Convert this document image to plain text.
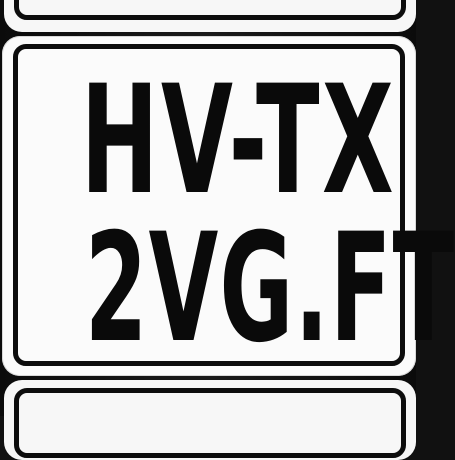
HV-TX
2VG.FT
